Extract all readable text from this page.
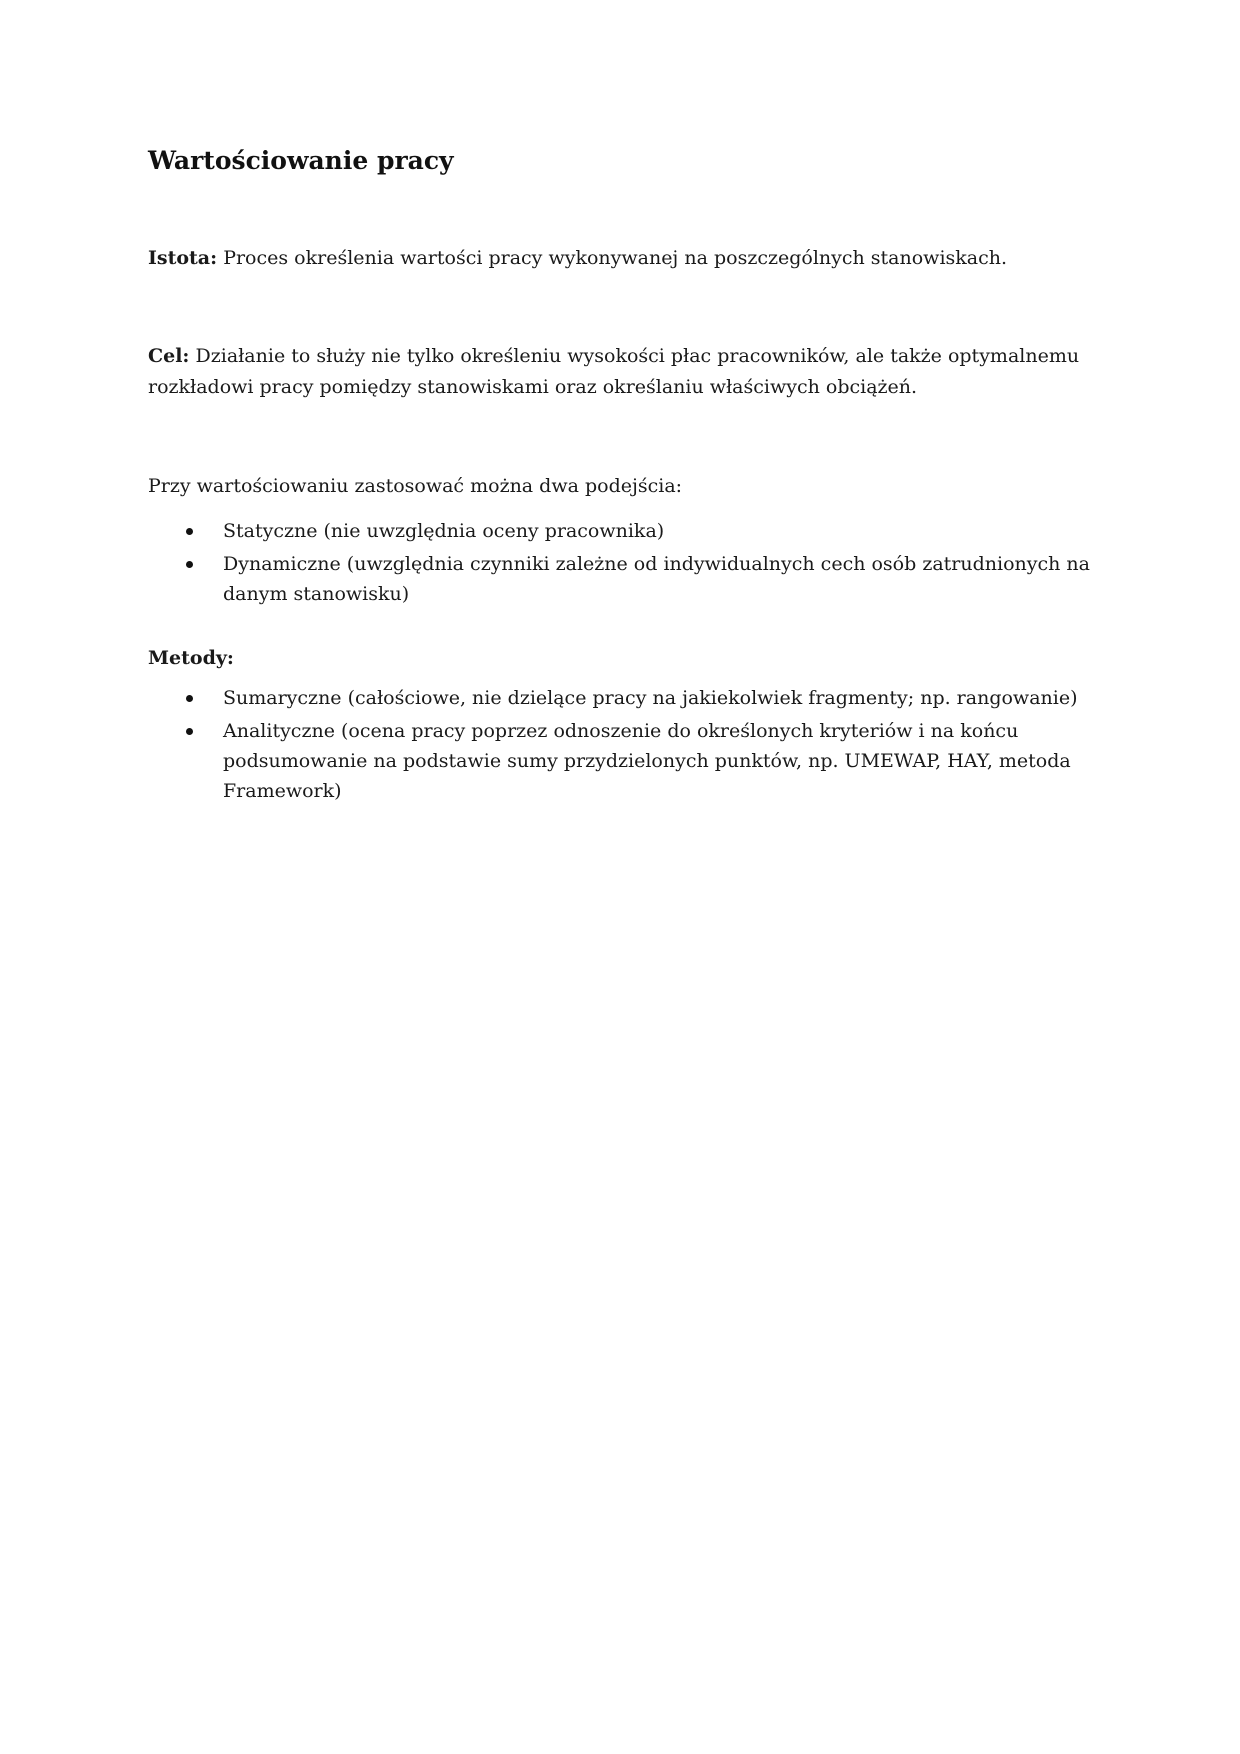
Wartościowanie pracy

Istota: Proces określenia wartości pracy wykonywanej na poszczególnych stanowiskach.

Cel: Działanie to służy nie tylko określeniu wysokości płac pracowników, ale także optymalnemu rozkładowi pracy pomiędzy stanowiskami oraz określaniu właściwych obciążeń.

Przy wartościowaniu zastosować można dwa podejścia:

Statyczne (nie uwzględnia oceny pracownika)
Dynamiczne (uwzględnia czynniki zależne od indywidualnych cech osób zatrudnionych na danym stanowisku)

Metody:

Sumaryczne (całościowe, nie dzielące pracy na jakiekolwiek fragmenty; np. rangowanie)
Analityczne (ocena pracy poprzez odnoszenie do określonych kryteriów i na końcu podsumowanie na podstawie sumy przydzielonych punktów, np. UMEWAP, HAY, metoda Framework)
